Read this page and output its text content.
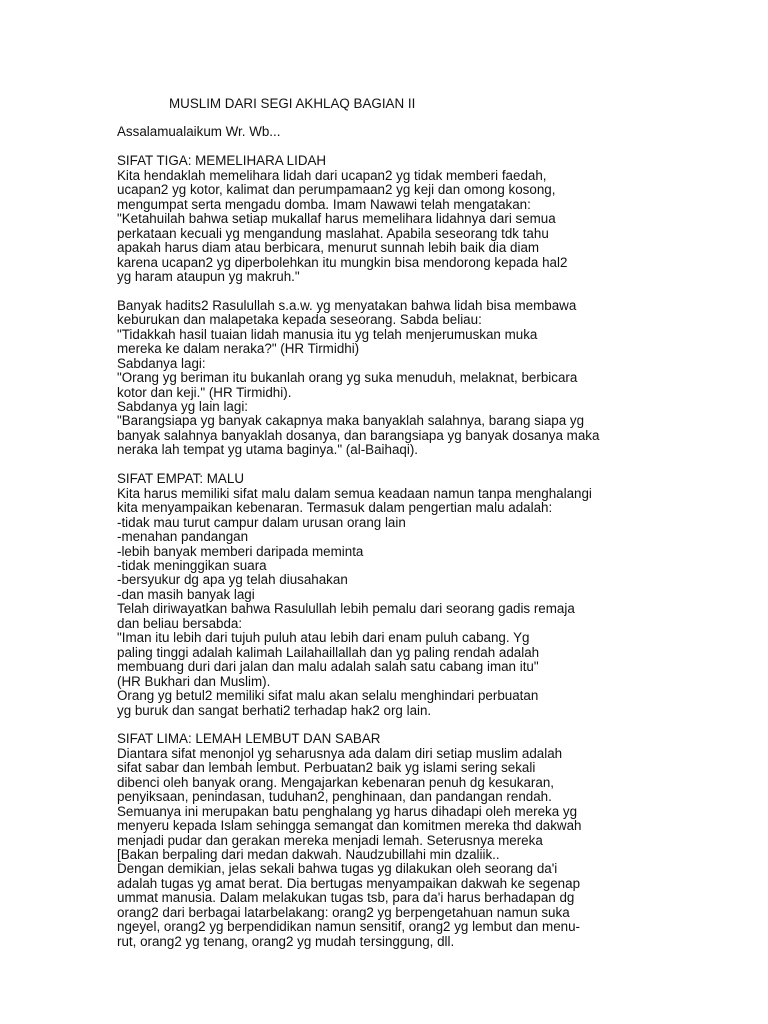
MUSLIM DARI SEGI AKHLAQ BAGIAN II
Assalamualaikum Wr. Wb...
SIFAT TIGA: MEMELIHARA LIDAH
Kita hendaklah memelihara lidah dari ucapan2 yg tidak memberi faedah,
ucapan2 yg kotor, kalimat dan perumpamaan2 yg keji dan omong kosong,
mengumpat serta mengadu domba. Imam Nawawi telah mengatakan:
"Ketahuilah bahwa setiap mukallaf harus memelihara lidahnya dari semua
perkataan kecuali yg mengandung maslahat. Apabila seseorang tdk tahu
apakah harus diam atau berbicara, menurut sunnah lebih baik dia diam
karena ucapan2 yg diperbolehkan itu mungkin bisa mendorong kepada hal2
yg haram ataupun yg makruh."
Banyak hadits2 Rasulullah s.a.w. yg menyatakan bahwa lidah bisa membawa
keburukan dan malapetaka kepada seseorang. Sabda beliau:
"Tidakkah hasil tuaian lidah manusia itu yg telah menjerumuskan muka
mereka ke dalam neraka?" (HR Tirmidhi)
Sabdanya lagi:
"Orang yg beriman itu bukanlah orang yg suka menuduh, melaknat, berbicara
kotor dan keji." (HR Tirmidhi).
Sabdanya yg lain lagi:
"Barangsiapa yg banyak cakapnya maka banyaklah salahnya, barang siapa yg
banyak salahnya banyaklah dosanya, dan barangsiapa yg banyak dosanya maka
neraka lah tempat yg utama baginya." (al-Baihaqi).
SIFAT EMPAT: MALU
Kita harus memiliki sifat malu dalam semua keadaan namun tanpa menghalangi
kita menyampaikan kebenaran. Termasuk dalam pengertian malu adalah:
-tidak mau turut campur dalam urusan orang lain
-menahan pandangan
-lebih banyak memberi daripada meminta
-tidak meninggikan suara
-bersyukur dg apa yg telah diusahakan
-dan masih banyak lagi
Telah diriwayatkan bahwa Rasulullah lebih pemalu dari seorang gadis remaja
dan beliau bersabda:
"Iman itu lebih dari tujuh puluh atau lebih dari enam puluh cabang. Yg
paling tinggi adalah kalimah Lailahaillallah dan yg paling rendah adalah
membuang duri dari jalan dan malu adalah salah satu cabang iman itu"
(HR Bukhari dan Muslim).
Orang yg betul2 memiliki sifat malu akan selalu menghindari perbuatan
yg buruk dan sangat berhati2 terhadap hak2 org lain.
SIFAT LIMA: LEMAH LEMBUT DAN SABAR
Diantara sifat menonjol yg seharusnya ada dalam diri setiap muslim adalah
sifat sabar dan lembah lembut. Perbuatan2 baik yg islami sering sekali
dibenci oleh banyak orang. Mengajarkan kebenaran penuh dg kesukaran,
penyiksaan, penindasan, tuduhan2, penghinaan, dan pandangan rendah.
Semuanya ini merupakan batu penghalang yg harus dihadapi oleh mereka yg
menyeru kepada Islam sehingga semangat dan komitmen mereka thd dakwah
menjadi pudar dan gerakan mereka menjadi lemah. Seterusnya mereka
[Bakan berpaling dari medan dakwah. Naudzubillahi min dzaliik..
Dengan demikian, jelas sekali bahwa tugas yg dilakukan oleh seorang da'i
adalah tugas yg amat berat. Dia bertugas menyampaikan dakwah ke segenap
ummat manusia. Dalam melakukan tugas tsb, para da'i harus berhadapan dg
orang2 dari berbagai latarbelakang: orang2 yg berpengetahuan namun suka
ngeyel, orang2 yg berpendidikan namun sensitif, orang2 yg lembut dan menu-
rut, orang2 yg tenang, orang2 yg mudah tersinggung, dll.
